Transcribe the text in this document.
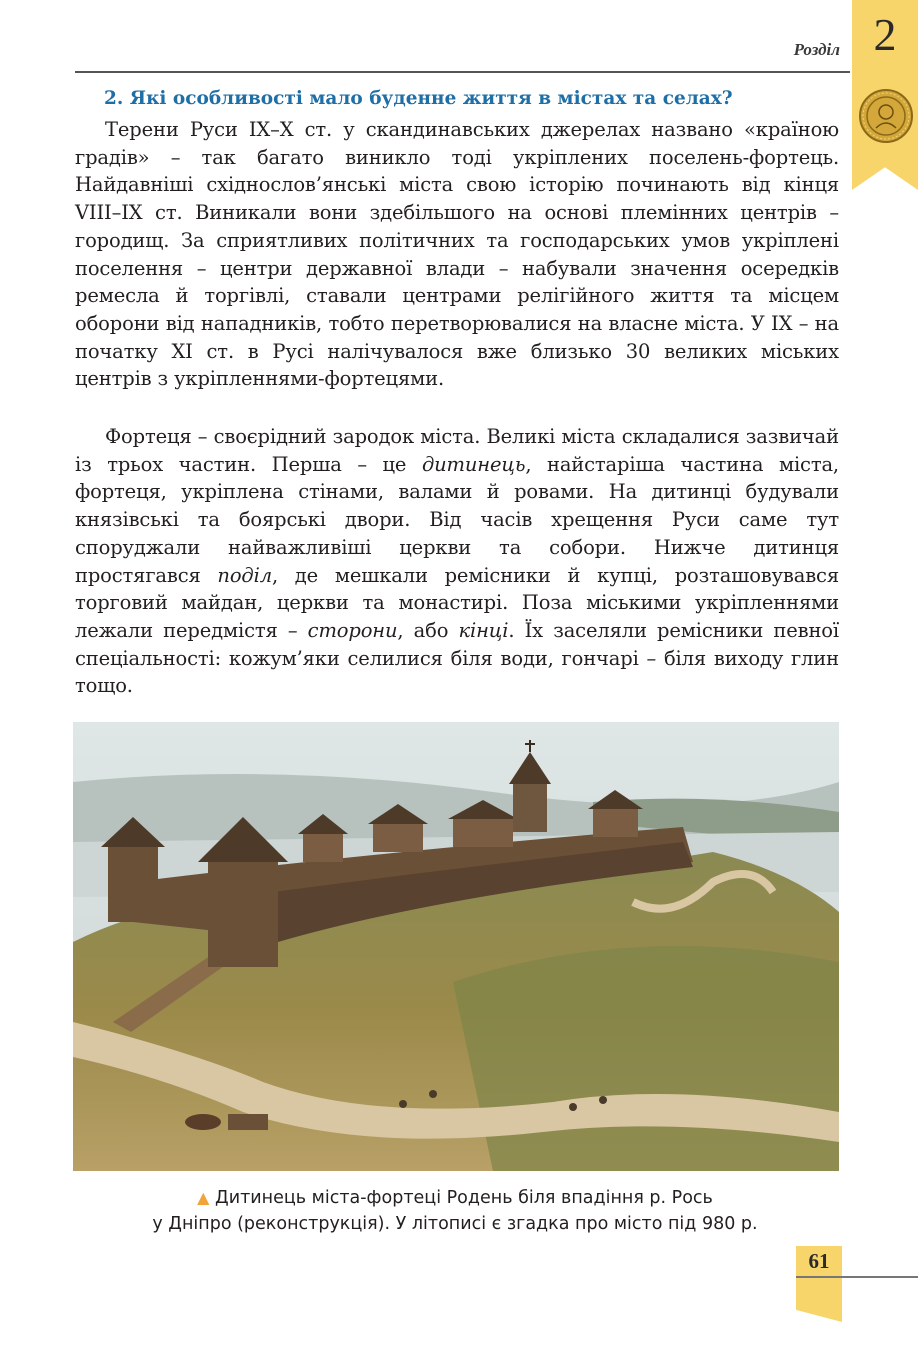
2
Розділ
2. Які особливості мало буденне життя в містах та селах?

Терени Руси IX–X ст. у скандинавських джерелах названо «країною градів» – так багато виникло тоді укріплених поселень-фортець. Найдавніші східнослов’янські міста свою історію починають від кінця VIII–IX ст. Виникали вони здебільшого на основі племінних центрів – городищ. За сприятливих політичних та господарських умов укріплені поселення – центри державної влади – набували значення осередків ремесла й торгівлі, ставали центрами релігійного життя та місцем оборони від нападників, тобто перетворювалися на власне міста. У IX – на початку XI ст. в Русі налічувалося вже близько 30 великих міських центрів з укріпленнями-фортецями.

Фортеця – своєрідний зародок міста. Великі міста складалися зазвичай із трьох частин. Перша – це дитинець, найстаріша частина міста, фортеця, укріплена стінами, валами й ровами. На дитинці будували князівські та боярські двори. Від часів хрещення Руси саме тут споруджали найважливіші церкви та собори. Нижче дитинця простягався поділ, де мешкали ремісники й купці, розташовувався торговий майдан, церкви та монастирі. Поза міськими укріпленнями лежали передмістя – сторони, або кінці. Їх заселяли ремісники певної спеціальності: кожум’яки селилися біля води, гончарі – біля виходу глин тощо.

▲ Дитинець міста-фортеці Родень біля впадіння р. Рось
у Дніпро (реконструкція). У літописі є згадка про місто під 980 р.
61
